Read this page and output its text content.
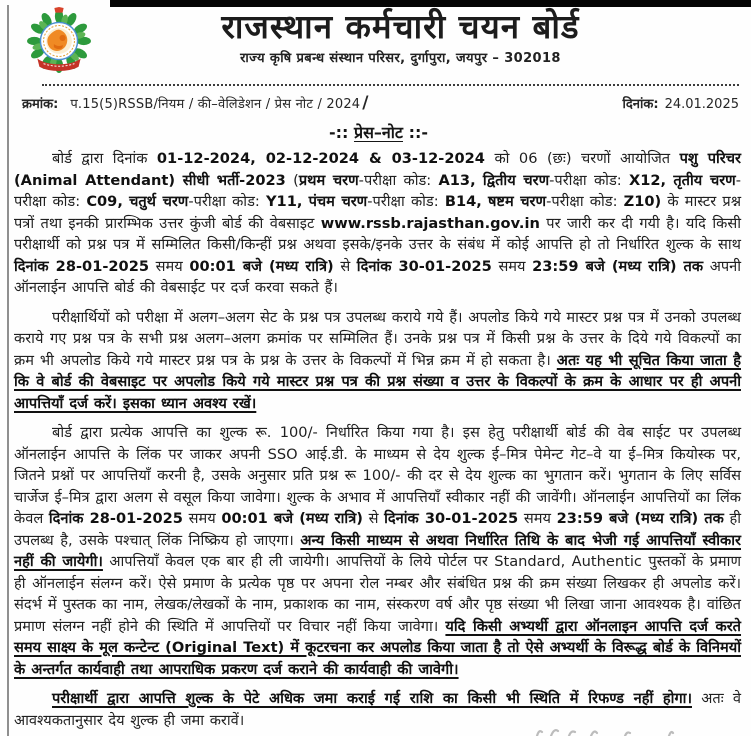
राजस्थान कर्मचारी चयन बोर्ड
राज्य कृषि प्रबन्ध संस्थान परिसर, दुर्गापुरा, जयपुर – 302018
क्रमांक: प.15(5)RSSB/नियम / की–वेलिडेशन / प्रेस नोट / 2024 /	दिनांक: 24.01.2025
-:: प्रेस–नोट ::-

बोर्ड द्वारा दिनांक 01-12-2024, 02-12-2024 & 03-12-2024 को 06 (छः) चरणों आयोजित पशु परिचर (Animal Attendant) सीधी भर्ती-2023 (प्रथम चरण-परीक्षा कोड: A13, द्वितीय चरण-परीक्षा कोड: X12, तृतीय चरण-परीक्षा कोड: C09, चतुर्थ चरण-परीक्षा कोड: Y11, पंचम चरण-परीक्षा कोड: B14, षष्टम चरण-परीक्षा कोड: Z10) के मास्टर प्रश्न पत्रों तथा इनकी प्रारम्भिक उत्तर कुंजी बोर्ड की वेबसाइट www.rssb.rajasthan.gov.in पर जारी कर दी गयी है। यदि किसी परीक्षार्थी को प्रश्न पत्र में सम्मिलित किसी/किन्हीं प्रश्न अथवा इसके/इनके उत्तर के संबंध में कोई आपत्ति हो तो निर्धारित शुल्क के साथ दिनांक 28-01-2025 समय 00:01 बजे (मध्य रात्रि) से दिनांक 30-01-2025 समय 23:59 बजे (मध्य रात्रि) तक अपनी ऑनलाईन आपत्ति बोर्ड की वेबसाईट पर दर्ज करवा सकते हैं।

परीक्षार्थियों को परीक्षा में अलग–अलग सेट के प्रश्न पत्र उपलब्ध कराये गये हैं। अपलोड किये गये मास्टर प्रश्न पत्र में उनको उपलब्ध कराये गए प्रश्न पत्र के सभी प्रश्न अलग–अलग क्रमांक पर सम्मिलित हैं। उनके प्रश्न पत्र में किसी प्रश्न के उत्तर के दिये गये विकल्पों का क्रम भी अपलोड किये गये मास्टर प्रश्न पत्र के प्रश्न के उत्तर के विकल्पों में भिन्न क्रम में हो सकता है। अतः यह भी सूचित किया जाता है कि वे बोर्ड की वेबसाइट पर अपलोड किये गये मास्टर प्रश्न पत्र की प्रश्न संख्या व उत्तर के विकल्पों के क्रम के आधार पर ही अपनी आपत्तियाँ दर्ज करें। इसका ध्यान अवश्य रखें।

बोर्ड द्वारा प्रत्येक आपत्ति का शुल्क रू. 100/- निर्धारित किया गया है। इस हेतु परीक्षार्थी बोर्ड की वेब साईट पर उपलब्ध ऑनलाईन आपत्ति के लिंक पर जाकर अपनी SSO आई.डी. के माध्यम से देय शुल्क ई–मित्र पेमेन्ट गेट–वे या ई–मित्र कियोस्क पर, जितने प्रश्नों पर आपत्तियाँ करनी है, उसके अनुसार प्रति प्रश्न रू 100/- की दर से देय शुल्क का भुगतान करें। भुगतान के लिए सर्विस चार्जेज ई–मित्र द्वारा अलग से वसूल किया जावेगा। शुल्क के अभाव में आपत्तियाँ स्वीकार नहीं की जावेंगी। ऑनलाईन आपत्तियों का लिंक केवल दिनांक 28-01-2025 समय 00:01 बजे (मध्य रात्रि) से दिनांक 30-01-2025 समय 23:59 बजे (मध्य रात्रि) तक ही उपलब्ध है, उसके पश्चात् लिंक निष्क्रिय हो जाएगा। अन्य किसी माध्यम से अथवा निर्धारित तिथि के बाद भेजी गई आपत्तियाँ स्वीकार नहीं की जायेगी। आपत्तियाँ केवल एक बार ही ली जायेगी। आपत्तियों के लिये पोर्टल पर Standard, Authentic पुस्तकों के प्रमाण ही ऑनलाईन संलग्न करें। ऐसे प्रमाण के प्रत्येक पृष्ठ पर अपना रोल नम्बर और संबंधित प्रश्न की क्रम संख्या लिखकर ही अपलोड करें। संदर्भ में पुस्तक का नाम, लेखक/लेखकों के नाम, प्रकाशक का नाम, संस्करण वर्ष और पृष्ठ संख्या भी लिखा जाना आवश्यक है। वांछित प्रमाण संलग्न नहीं होने की स्थिति में आपत्तियों पर विचार नहीं किया जावेगा। यदि किसी अभ्यर्थी द्वारा ऑनलाइन आपत्ति दर्ज करते समय साक्ष्य के मूल कन्टेन्ट (Original Text) में कूटरचना कर अपलोड किया जाता है तो ऐसे अभ्यर्थी के विरूद्ध बोर्ड के विनिमयों के अन्तर्गत कार्यवाही तथा आपराधिक प्रकरण दर्ज कराने की कार्यवाही की जावेगी।

परीक्षार्थी द्वारा आपत्ति शुल्क के पेटे अधिक जमा कराई गई राशि का किसी भी स्थिति में रिफण्ड नहीं होगा। अतः वे आवश्यकतानुसार देय शुल्क ही जमा करावें।
